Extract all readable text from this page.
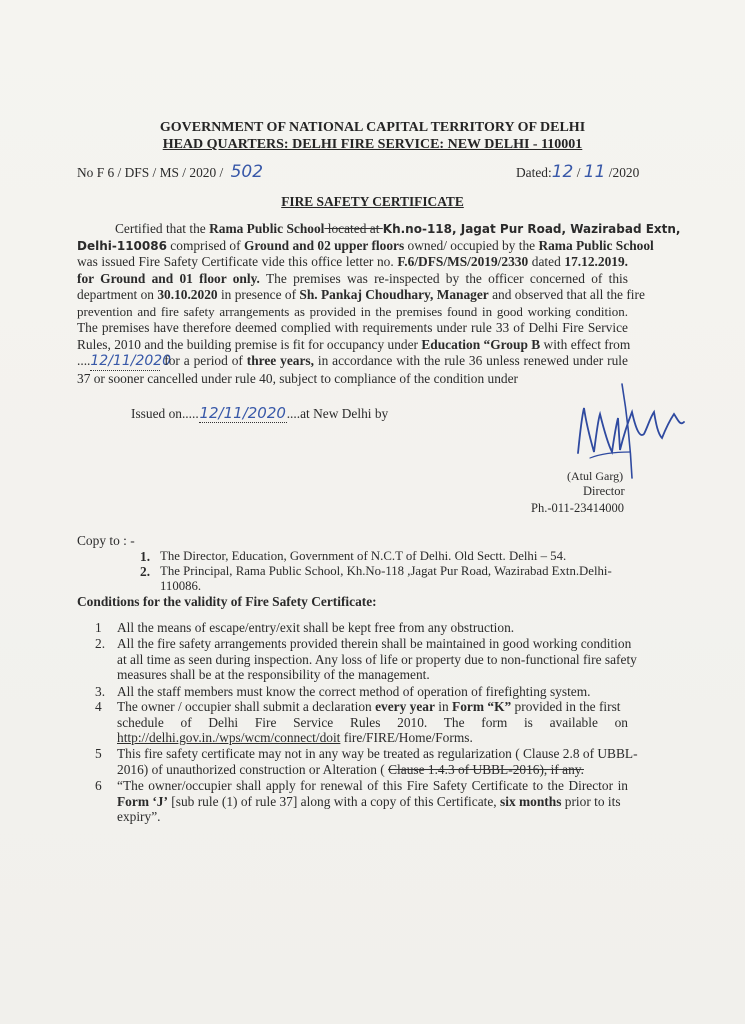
GOVERNMENT OF NATIONAL CAPITAL TERRITORY OF DELHI
HEAD QUARTERS: DELHI FIRE SERVICE: NEW DELHI - 110001
No F 6 / DFS / MS / 2020 / 502	Dated:12 / 11 /2020
FIRE SAFETY CERTIFICATE
Certified that the Rama Public School located at Kh.no-118, Jagat Pur Road, Wazirabad Extn,
Delhi-110086 comprised of Ground and 02 upper floors owned/ occupied by the Rama Public School
was issued Fire Safety Certificate vide this office letter no. F.6/DFS/MS/2019/2330 dated 17.12.2019.
for Ground and 01 floor only. The premises was re-inspected by the officer concerned of this
department on 30.10.2020 in presence of Sh. Pankaj Choudhary, Manager and observed that all the fire
prevention and fire safety arrangements as provided in the premises found in good working condition.
The premises have therefore deemed complied with requirements under rule 33 of Delhi Fire Service
Rules, 2010 and the building premise is fit for occupancy under Education “Group B with effect from
....12/11/2020 for a period of three years, in accordance with the rule 36 unless renewed under rule
37 or sooner cancelled under rule 40, subject to compliance of the condition under
Issued on.....12/11/2020....at New Delhi by
(Atul Garg)
Director
Ph.-011-23414000
Copy to : -
1. The Director, Education, Government of N.C.T of Delhi. Old Sectt. Delhi – 54.
2. The Principal, Rama Public School, Kh.No-118 ,Jagat Pur Road, Wazirabad Extn.Delhi-
110086.
Conditions for the validity of Fire Safety Certificate:
1	All the means of escape/entry/exit shall be kept free from any obstruction.
2. All the fire safety arrangements provided therein shall be maintained in good working condition
at all time as seen during inspection. Any loss of life or property due to non-functional fire safety
measures shall be at the responsibility of the management.
3. All the staff members must know the correct method of operation of firefighting system.
4	The owner / occupier shall submit a declaration every year in Form “K” provided in the first
schedule of Delhi Fire Service Rules 2010. The form is available on
http://delhi.gov.in./wps/wcm/connect/doit fire/FIRE/Home/Forms.
5	This fire safety certificate may not in any way be treated as regularization ( Clause 2.8 of UBBL-
2016) of unauthorized construction or Alteration ( Clause 1.4.3 of UBBL-2016), if any.
6	“The owner/occupier shall apply for renewal of this Fire Safety Certificate to the Director in
Form ‘J’ [sub rule (1) of rule 37] along with a copy of this Certificate, six months prior to its
expiry”.
